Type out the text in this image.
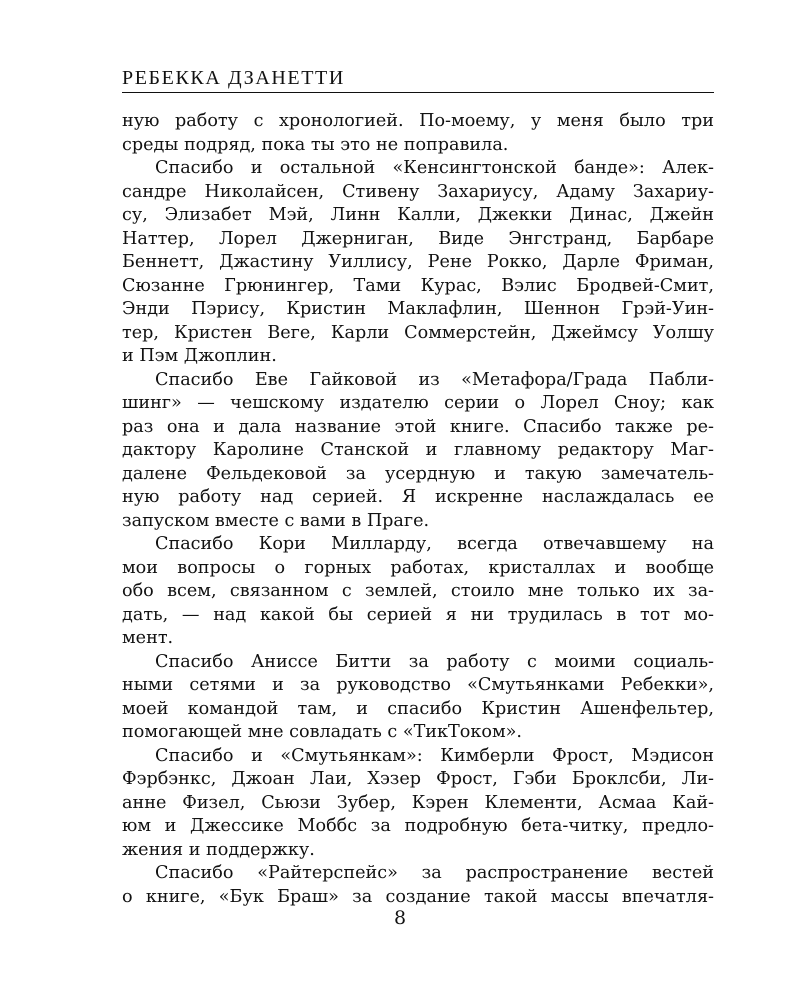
РЕБЕККА ДЗАНЕТТИ
ную работу с хронологией. По-моему, у меня было три
среды подряд, пока ты это не поправила.
Спасибо и остальной «Кенсингтонской банде»: Алек-
сандре Николайсен, Стивену Захариусу, Адаму Захариу-
су, Элизабет Мэй, Линн Калли, Джекки Динас, Джейн
Наттер, Лорел Джерниган, Виде Энгстранд, Барбаре
Беннетт, Джастину Уиллису, Рене Рокко, Дарле Фриман,
Сюзанне Грюнингер, Тами Курас, Вэлис Бродвей-Смит,
Энди Пэрису, Кристин Маклафлин, Шеннон Грэй-Уин-
тер, Кристен Веге, Карли Соммерстейн, Джеймсу Уолшу
и Пэм Джоплин.
Спасибо Еве Гайковой из «Метафора/Града Пабли-
шинг» — чешскому издателю серии о Лорел Сноу; как
раз она и дала название этой книге. Спасибо также ре-
дактору Каролине Станской и главному редактору Маг-
далене Фельдековой за усердную и такую замечатель-
ную работу над серией. Я искренне наслаждалась ее
запуском вместе с вами в Праге.
Спасибо Кори Милларду, всегда отвечавшему на
мои вопросы о горных работах, кристаллах и вообще
обо всем, связанном с землей, стоило мне только их за-
дать, — над какой бы серией я ни трудилась в тот мо-
мент.
Спасибо Аниссе Битти за работу с моими социаль-
ными сетями и за руководство «Смутьянками Ребекки»,
моей командой там, и спасибо Кристин Ашенфельтер,
помогающей мне совладать с «ТикТоком».
Спасибо и «Смутьянкам»: Кимберли Фрост, Мэдисон
Фэрбэнкс, Джоан Лаи, Хэзер Фрост, Гэби Броклсби, Ли-
анне Физел, Сьюзи Зубер, Кэрен Клементи, Асмаа Кай-
юм и Джессике Моббс за подробную бета-читку, предло-
жения и поддержку.
Спасибо «Райтерспейс» за распространение вестей
о книге, «Бук Браш» за создание такой массы впечатля-
8
